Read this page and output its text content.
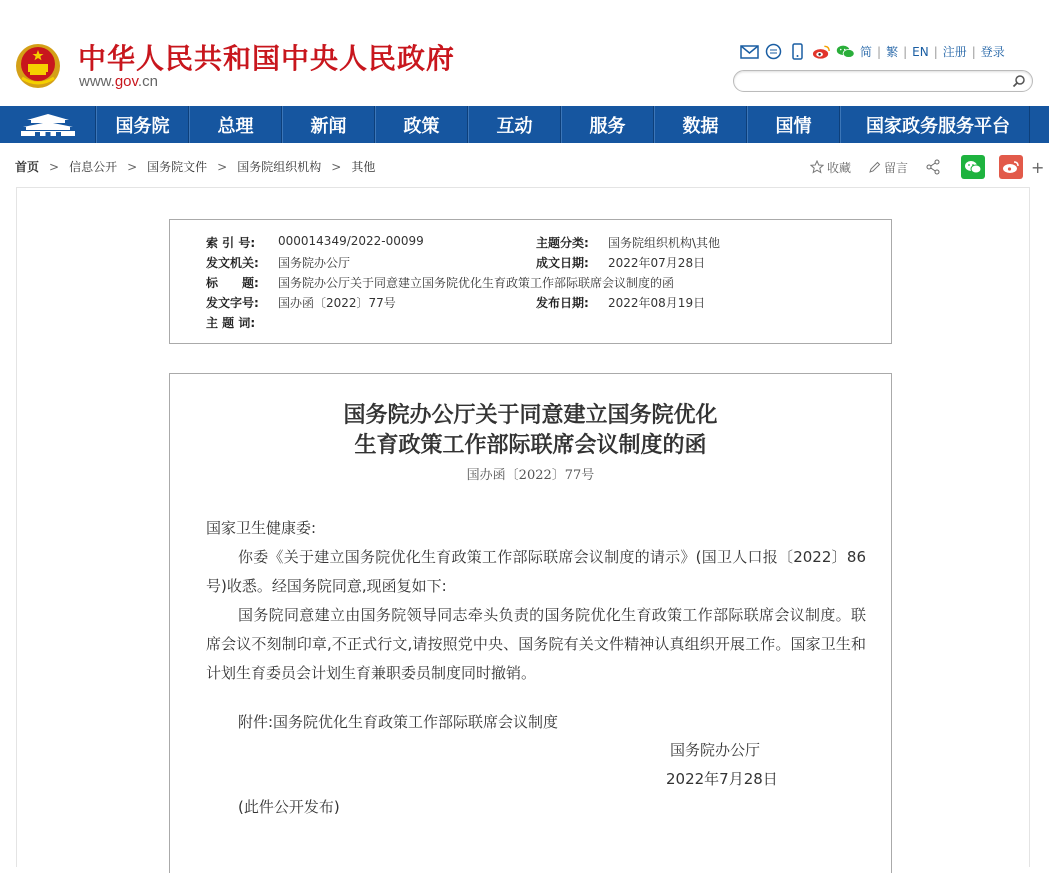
中华人民共和国中央人民政府
www.gov.cn
简 | 繁 | EN | 注册 | 登录
国务院	总理	新闻	政策	互动	服务	数据	国情	国家政务服务平台
首页 > 信息公开 > 国务院文件 > 国务院组织机构 > 其他	收藏	留言	+
索 引 号:	000014349/2022-00099	主题分类:	国务院组织机构\其他
发文机关:	国务院办公厅	成文日期:	2022年07月28日
标　　题:	国务院办公厅关于同意建立国务院优化生育政策工作部际联席会议制度的函
发文字号:	国办函〔2022〕77号	发布日期:	2022年08月19日
主 题 词:
国务院办公厅关于同意建立国务院优化
生育政策工作部际联席会议制度的函
国办函〔2022〕77号

国家卫生健康委:

你委《关于建立国务院优化生育政策工作部际联席会议制度的请示》(国卫人口报〔2022〕86号)收悉。经国务院同意,现函复如下:

国务院同意建立由国务院领导同志牵头负责的国务院优化生育政策工作部际联席会议制度。联席会议不刻制印章,不正式行文,请按照党中央、国务院有关文件精神认真组织开展工作。国家卫生和计划生育委员会计划生育兼职委员制度同时撤销。

附件:国务院优化生育政策工作部际联席会议制度
国务院办公厅
2022年7月28日
(此件公开发布)
